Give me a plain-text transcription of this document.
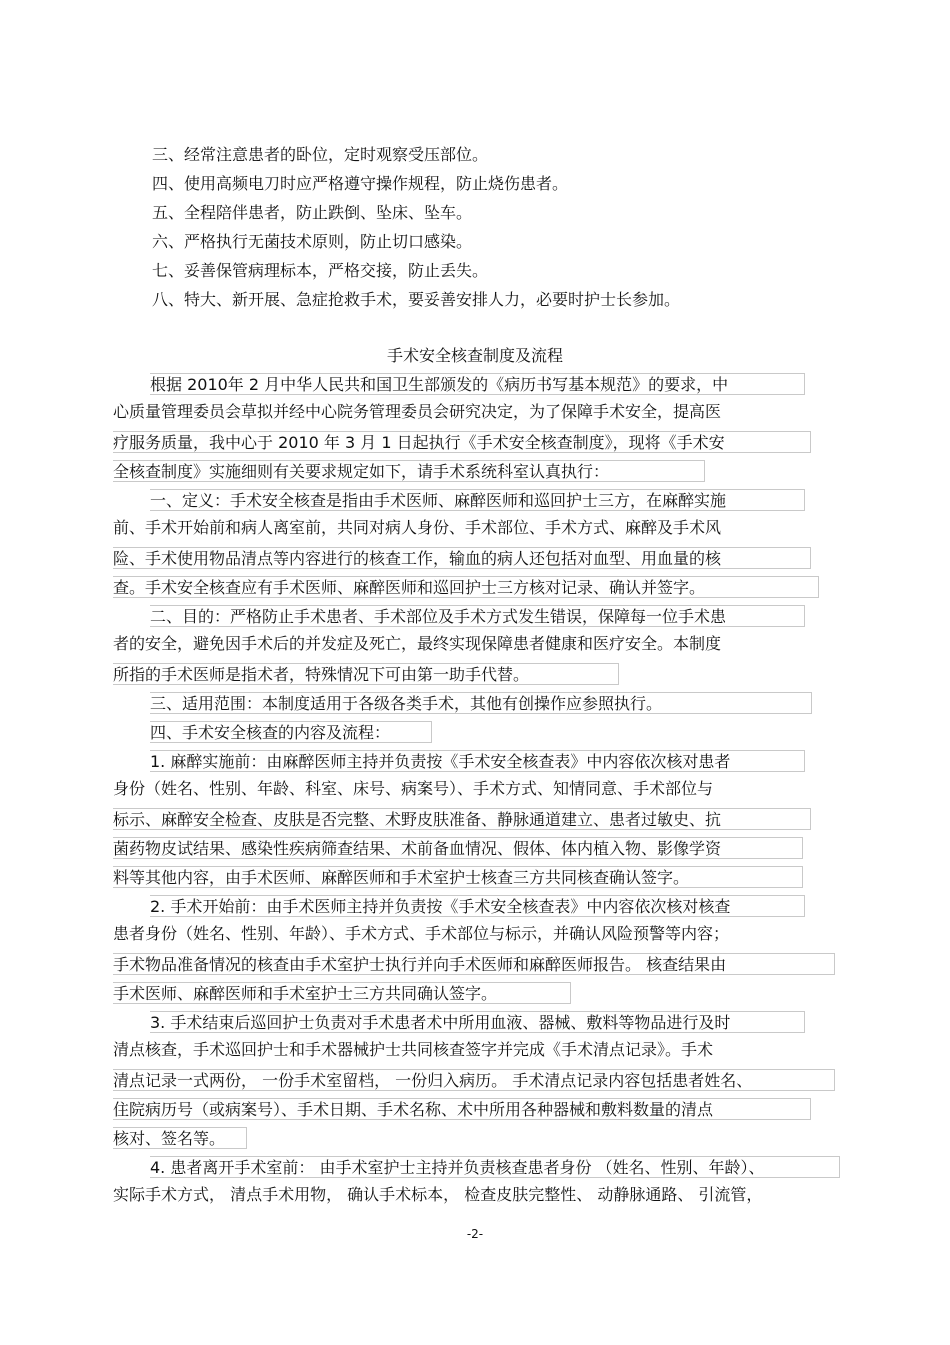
三、经常注意患者的卧位，定时观察受压部位。
四、使用高频电刀时应严格遵守操作规程，防止烧伤患者。
五、全程陪伴患者，防止跌倒、坠床、坠车。
六、严格执行无菌技术原则，防止切口感染。
七、妥善保管病理标本，严格交接，防止丢失。
八、特大、新开展、急症抢救手术，要妥善安排人力，必要时护士长参加。
手术安全核查制度及流程
根据 2010年 2 月中华人民共和国卫生部颁发的《病历书写基本规范》的要求，中
心质量管理委员会草拟并经中心院务管理委员会研究决定，为了保障手术安全，提高医
疗服务质量，我中心于 2010 年 3 月 1 日起执行《手术安全核查制度》，现将《手术安
全核查制度》实施细则有关要求规定如下，请手术系统科室认真执行：
一、定义：手术安全核查是指由手术医师、麻醉医师和巡回护士三方，在麻醉实施
前、手术开始前和病人离室前，共同对病人身份、手术部位、手术方式、麻醉及手术风
险、手术使用物品清点等内容进行的核查工作，输血的病人还包括对血型、用血量的核
查。手术安全核查应有手术医师、麻醉医师和巡回护士三方核对记录、确认并签字。
二、目的：严格防止手术患者、手术部位及手术方式发生错误，保障每一位手术患
者的安全，避免因手术后的并发症及死亡，最终实现保障患者健康和医疗安全。本制度
所指的手术医师是指术者，特殊情况下可由第一助手代替。
三、适用范围：本制度适用于各级各类手术，其他有创操作应参照执行。
四、手术安全核查的内容及流程：
1. 麻醉实施前：由麻醉医师主持并负责按《手术安全核查表》中内容依次核对患者
身份（姓名、性别、年龄、科室、床号、病案号）、手术方式、知情同意、手术部位与
标示、麻醉安全检查、皮肤是否完整、术野皮肤准备、静脉通道建立、患者过敏史、抗
菌药物皮试结果、感染性疾病筛查结果、术前备血情况、假体、体内植入物、影像学资
料等其他内容，由手术医师、麻醉医师和手术室护士核查三方共同核查确认签字。
2. 手术开始前：由手术医师主持并负责按《手术安全核查表》中内容依次核对核查
患者身份（姓名、性别、年龄）、手术方式、手术部位与标示，并确认风险预警等内容；
手术物品准备情况的核查由手术室护士执行并向手术医师和麻醉医师报告。 核查结果由
手术医师、麻醉医师和手术室护士三方共同确认签字。
3. 手术结束后巡回护士负责对手术患者术中所用血液、器械、敷料等物品进行及时
清点核查，手术巡回护士和手术器械护士共同核查签字并完成《手术清点记录》。手术
清点记录一式两份， 一份手术室留档， 一份归入病历。 手术清点记录内容包括患者姓名、
住院病历号（或病案号）、手术日期、手术名称、术中所用各种器械和敷料数量的清点
核对、签名等。
4. 患者离开手术室前： 由手术室护士主持并负责核查患者身份 （姓名、性别、年龄）、
实际手术方式， 清点手术用物， 确认手术标本， 检查皮肤完整性、 动静脉通路、 引流管，
-2-
